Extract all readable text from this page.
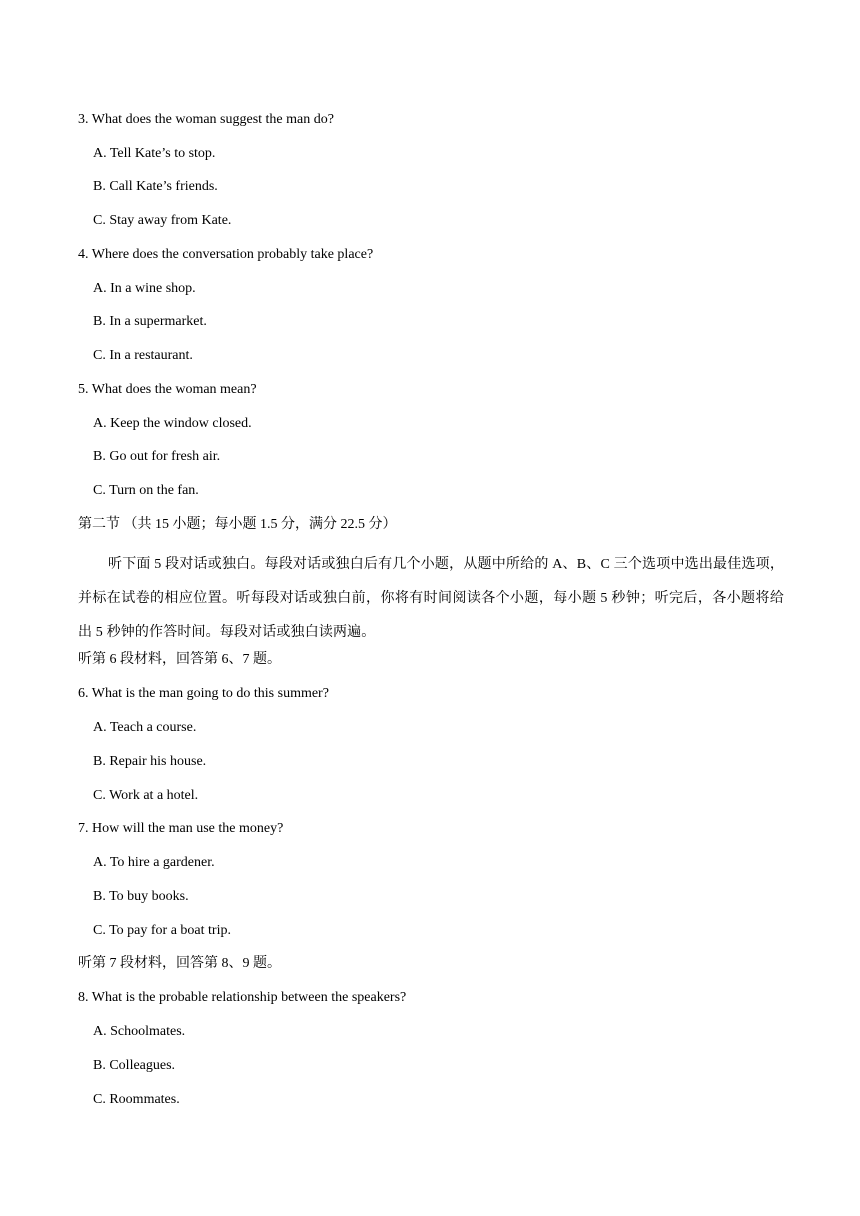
3. What does the woman suggest the man do?
A. Tell Kate’s to stop.
B. Call Kate’s friends.
C. Stay away from Kate.
4. Where does the conversation probably take place?
A. In a wine shop.
B. In a supermarket.
C. In a restaurant.
5. What does the woman mean?
A. Keep the window closed.
B. Go out for fresh air.
C. Turn on the fan.
第二节 （共 15 小题；每小题 1.5 分，满分 22.5 分）
听下面 5 段对话或独白。每段对话或独白后有几个小题，从题中所给的 A、B、C 三个选项中选出最佳选项，并标在试卷的相应位置。听每段对话或独白前，你将有时间阅读各个小题，每小题 5 秒钟；听完后，各小题将给出 5 秒钟的作答时间。每段对话或独白读两遍。
听第 6 段材料，回答第 6、7 题。
6. What is the man going to do this summer?
A. Teach a course.
B. Repair his house.
C. Work at a hotel.
7. How will the man use the money?
A. To hire a gardener.
B. To buy books.
C. To pay for a boat trip.
听第 7 段材料，回答第 8、9 题。
8. What is the probable relationship between the speakers?
A. Schoolmates.
B. Colleagues.
C. Roommates.
